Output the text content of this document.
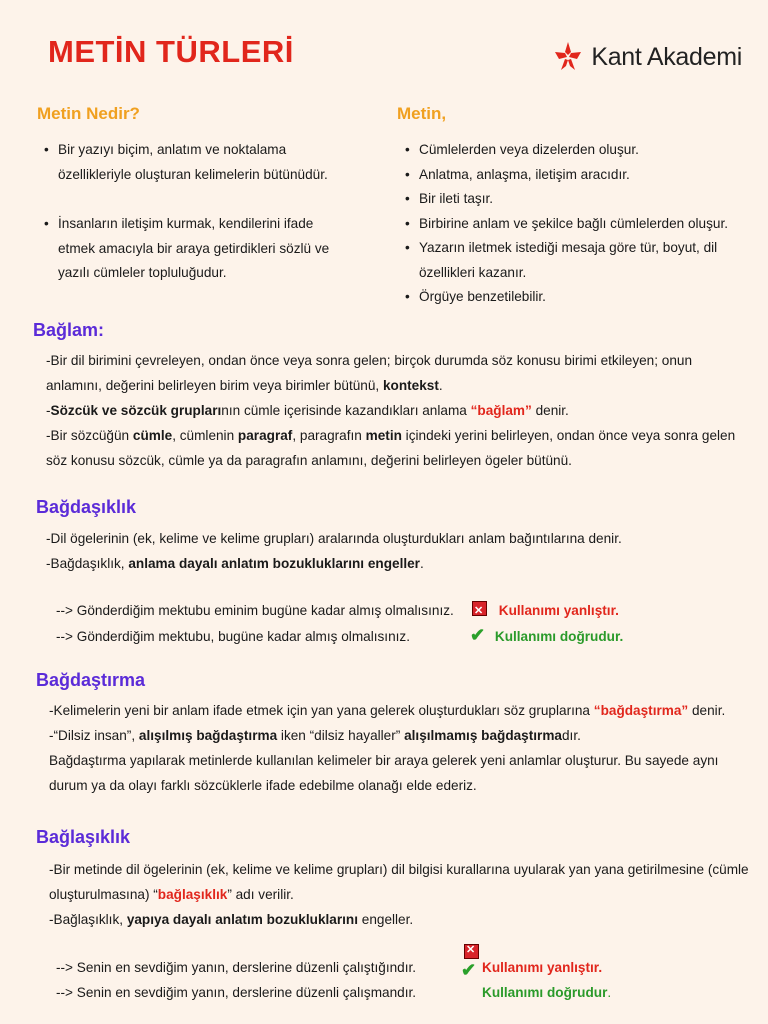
METİN TÜRLERİ	Kant Akademi
Metin Nedir?
• Bir yazıyı biçim, anlatım ve noktalama
özellikleriyle oluşturan kelimelerin bütünüdür.
• İnsanların iletişim kurmak, kendilerini ifade
etmek amacıyla bir araya getirdikleri sözlü ve
yazılı cümleler topluluğudur.
Metin,
• Cümlelerden veya dizelerden oluşur.
• Anlatma, anlaşma, iletişim aracıdır.
• Bir ileti taşır.
• Birbirine anlam ve şekilce bağlı cümlelerden oluşur.
• Yazarın iletmek istediği mesaja göre tür, boyut, dil
özellikleri kazanır.
• Örgüye benzetilebilir.
Bağlam:
-Bir dil birimini çevreleyen, ondan önce veya sonra gelen; birçok durumda söz konusu birimi etkileyen; onun
anlamını, değerini belirleyen birim veya birimler bütünü, kontekst.
-Sözcük ve sözcük gruplarının cümle içerisinde kazandıkları anlama “bağlam” denir.
-Bir sözcüğün cümle, cümlenin paragraf, paragrafın metin içindeki yerini belirleyen, ondan önce veya sonra gelen
söz konusu sözcük, cümle ya da paragrafın anlamını, değerini belirleyen ögeler bütünü.
Bağdaşıklık
-Dil ögelerinin (ek, kelime ve kelime grupları) aralarında oluşturdukları anlam bağıntılarına denir.
-Bağdaşıklık, anlama dayalı anlatım bozukluklarını engeller.
--> Gönderdiğim mektubu eminim bugüne kadar almış olmalısınız.
✕	Kullanımı yanlıştır.
--> Gönderdiğim mektubu, bugüne kadar almış olmalısınız.	✔ Kullanımı doğrudur.
Bağdaştırma
-Kelimelerin yeni bir anlam ifade etmek için yan yana gelerek oluşturdukları söz gruplarına “bağdaştırma” denir.
-“Dilsiz insan”, alışılmış bağdaştırma iken “dilsiz hayaller” alışılmamış bağdaştırmadır.
Bağdaştırma yapılarak metinlerde kullanılan kelimeler bir araya gelerek yeni anlamlar oluşturur. Bu sayede aynı
durum ya da olayı farklı sözcüklerle ifade edebilme olanağı elde ederiz.
Bağlaşıklık
-Bir metinde dil ögelerinin (ek, kelime ve kelime grupları) dil bilgisi kurallarına uyularak yan yana getirilmesine (cümle
oluşturulmasına) “bağlaşıklık” adı verilir.
-Bağlaşıklık, yapıya dayalı anlatım bozukluklarını engeller.
✕
--> Senin en sevdiğim yanın, derslerine düzenli çalıştığındır. ✔ Kullanımı yanlıştır.
--> Senin en sevdiğim yanın, derslerine düzenli çalışmandır.	Kullanımı doğrudur.
